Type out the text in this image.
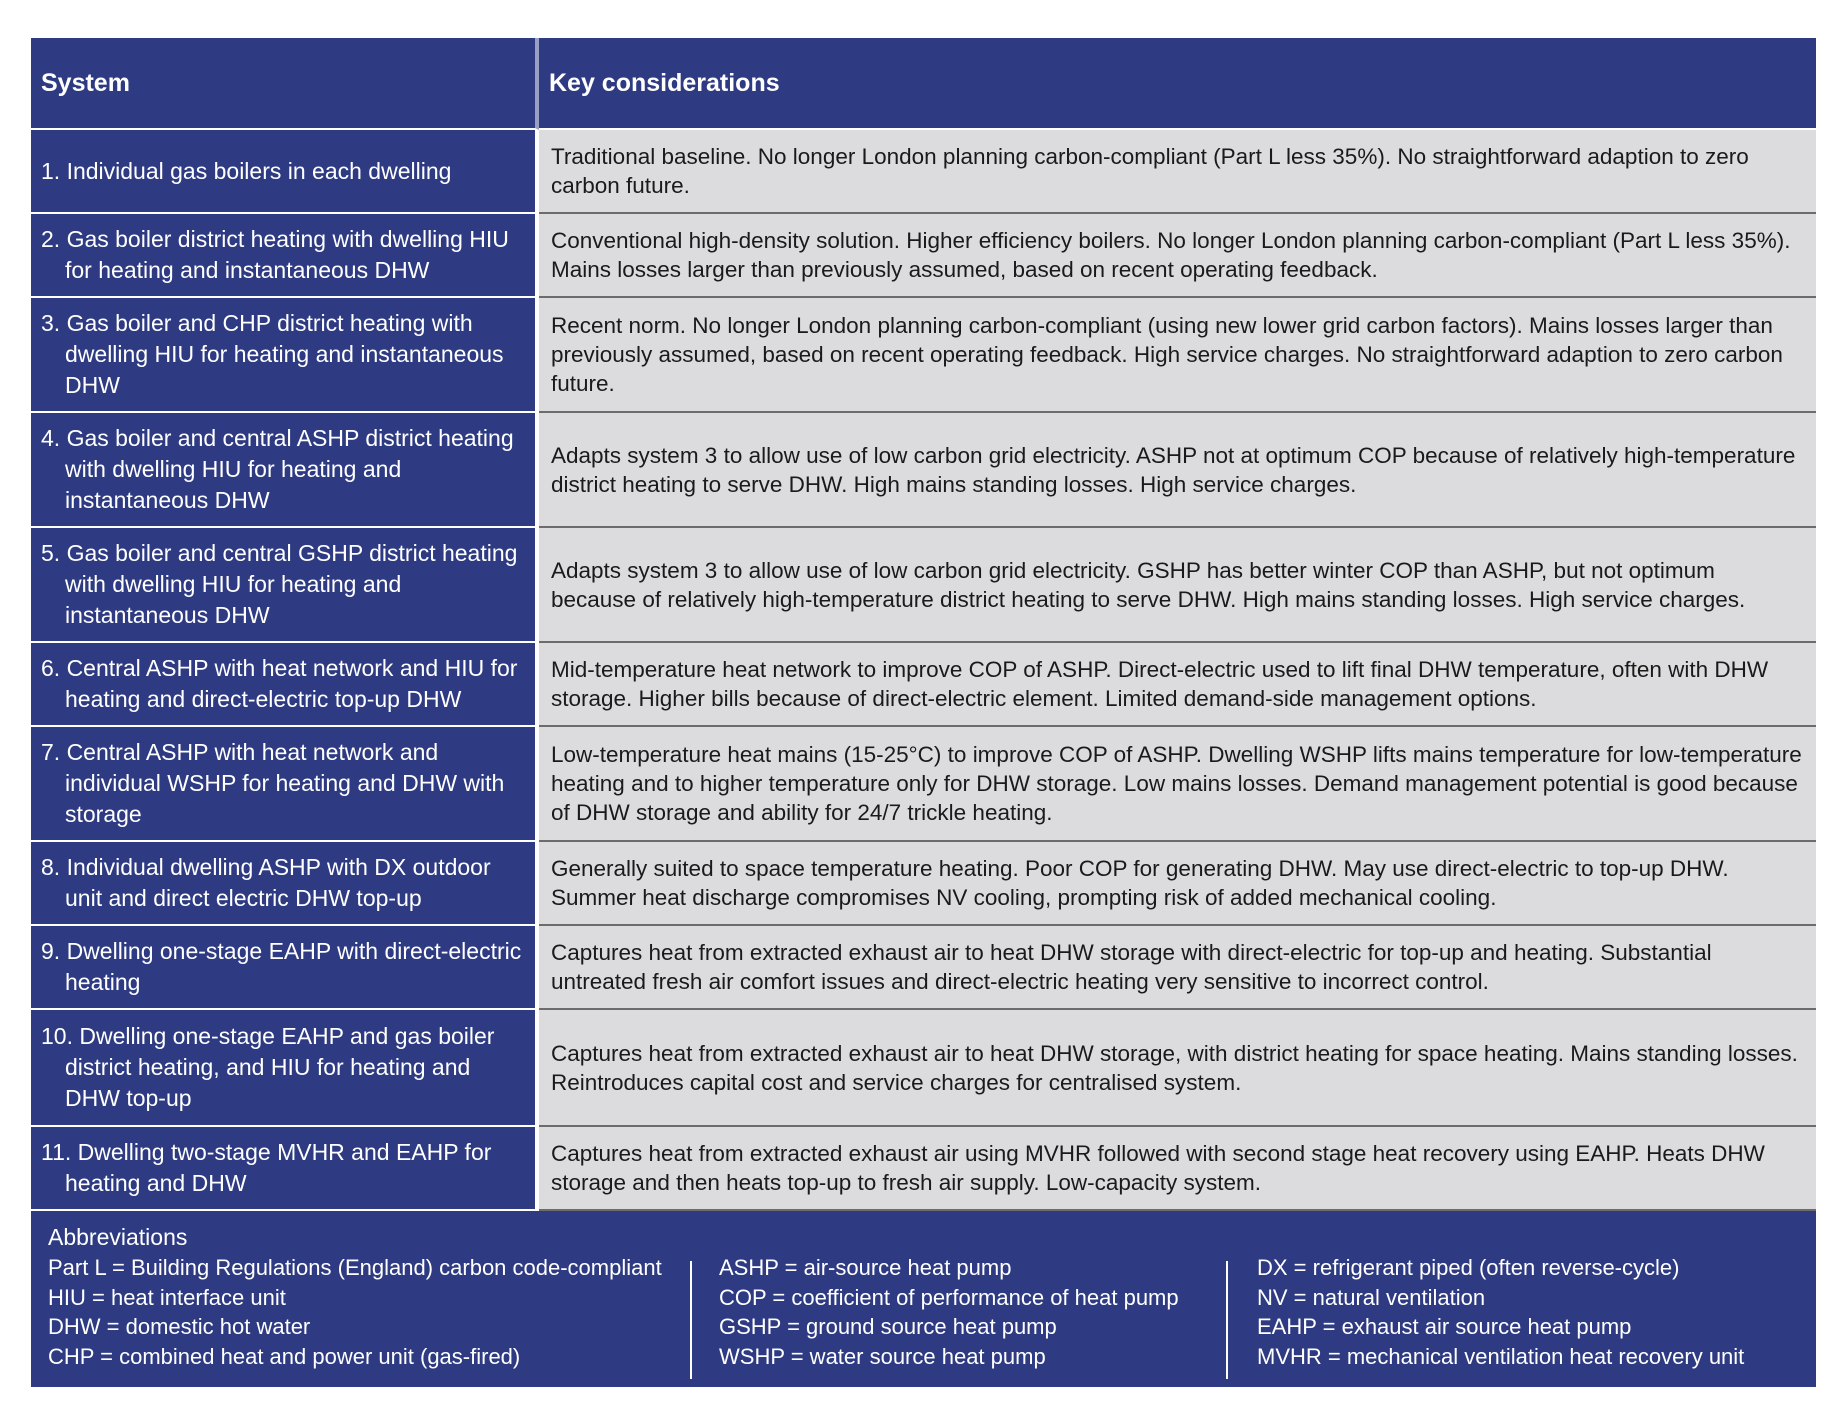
System	Key considerations
1. Individual gas boilers in each dwelling
Traditional baseline. No longer London planning carbon-compliant (Part L less 35%). No straightforward adaption to zero carbon future.
2. Gas boiler district heating with dwelling HIU for heating and instantaneous DHW
Conventional high-density solution. Higher efficiency boilers. No longer London planning carbon-compliant (Part L less 35%). Mains losses larger than previously assumed, based on recent operating feedback.
3. Gas boiler and CHP district heating with dwelling HIU for heating and instantaneous DHW
Recent norm. No longer London planning carbon-compliant (using new lower grid carbon factors). Mains losses larger than previously assumed, based on recent operating feedback. High service charges. No straightforward adaption to zero carbon future.
4. Gas boiler and central ASHP district heating with dwelling HIU for heating and instantaneous DHW
Adapts system 3 to allow use of low carbon grid electricity. ASHP not at optimum COP because of relatively high-temperature district heating to serve DHW. High mains standing losses. High service charges.
5. Gas boiler and central GSHP district heating with dwelling HIU for heating and instantaneous DHW
Adapts system 3 to allow use of low carbon grid electricity. GSHP has better winter COP than ASHP, but not optimum because of relatively high-temperature district heating to serve DHW. High mains standing losses. High service charges.
6. Central ASHP with heat network and HIU for heating and direct-electric top-up DHW
Mid-temperature heat network to improve COP of ASHP. Direct-electric used to lift final DHW temperature, often with DHW storage. Higher bills because of direct-electric element. Limited demand-side management options.
7. Central ASHP with heat network and individual WSHP for heating and DHW with storage
Low-temperature heat mains (15-25°C) to improve COP of ASHP. Dwelling WSHP lifts mains temperature for low-temperature heating and to higher temperature only for DHW storage. Low mains losses. Demand management potential is good because of DHW storage and ability for 24/7 trickle heating.
8. Individual dwelling ASHP with DX outdoor unit and direct electric DHW top-up
Generally suited to space temperature heating. Poor COP for generating DHW. May use direct-electric to top-up DHW. Summer heat discharge compromises NV cooling, prompting risk of added mechanical cooling.
9. Dwelling one-stage EAHP with direct-electric heating
Captures heat from extracted exhaust air to heat DHW storage with direct-electric for top-up and heating. Substantial untreated fresh air comfort issues and direct-electric heating very sensitive to incorrect control.
10. Dwelling one-stage EAHP and gas boiler district heating, and HIU for heating and DHW top-up
Captures heat from extracted exhaust air to heat DHW storage, with district heating for space heating. Mains standing losses. Reintroduces capital cost and service charges for centralised system.
11. Dwelling two-stage MVHR and EAHP for heating and DHW
Captures heat from extracted exhaust air using MVHR followed with second stage heat recovery using EAHP. Heats DHW storage and then heats top-up to fresh air supply. Low-capacity system.
Abbreviations
Part L = Building Regulations (England) carbon code-compliant
HIU = heat interface unit
DHW = domestic hot water
CHP = combined heat and power unit (gas-fired)
ASHP = air-source heat pump
COP = coefficient of performance of heat pump
GSHP = ground source heat pump
WSHP = water source heat pump
DX = refrigerant piped (often reverse-cycle)
NV = natural ventilation
EAHP = exhaust air source heat pump
MVHR = mechanical ventilation heat recovery unit
